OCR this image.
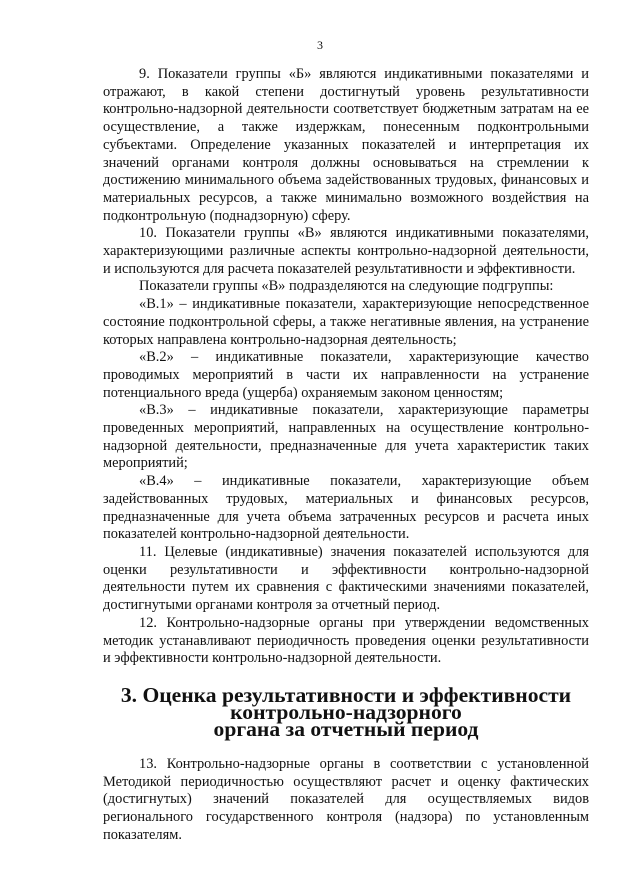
3

9. Показатели группы «Б» являются индикативными показателями и отражают, в какой степени достигнутый уровень результативности контрольно-надзорной деятельности соответствует бюджетным затратам на ее осуществление, а также издержкам, понесенным подконтрольными субъектами. Определение указанных показателей и интерпретация их значений органами контроля должны основываться на стремлении к достижению минимального объема задействованных трудовых, финансовых и материальных ресурсов, а также минимально возможного воздействия на подконтрольную (поднадзорную) сферу.

10. Показатели группы «В» являются индикативными показателями, характеризующими различные аспекты контрольно-надзорной деятельности, и используются для расчета показателей результативности и эффективности.

Показатели группы «В» подразделяются на следующие подгруппы:

«В.1» – индикативные показатели, характеризующие непосредственное состояние подконтрольной сферы, а также негативные явления, на устранение которых направлена контрольно-надзорная деятельность;

«В.2» – индикативные показатели, характеризующие качество проводимых мероприятий в части их направленности на устранение потенциального вреда (ущерба) охраняемым законом ценностям;

«В.3» – индикативные показатели, характеризующие параметры проведенных мероприятий, направленных на осуществление контрольно-надзорной деятельности, предназначенные для учета характеристик таких мероприятий;

«В.4» – индикативные показатели, характеризующие объем задействованных трудовых, материальных и финансовых ресурсов, предназначенные для учета объема затраченных ресурсов и расчета иных показателей контрольно-надзорной деятельности.

11. Целевые (индикативные) значения показателей используются для оценки результативности и эффективности контрольно-надзорной деятельности путем их сравнения с фактическими значениями показателей, достигнутыми органами контроля за отчетный период.

12. Контрольно-надзорные органы при утверждении ведомственных методик устанавливают периодичность проведения оценки результативности и эффективности контрольно-надзорной деятельности.

3. Оценка результативности и эффективности контрольно-надзорного
органа за отчетный период

13. Контрольно-надзорные органы в соответствии с установленной Методикой периодичностью осуществляют расчет и оценку фактических (достигнутых) значений показателей для осуществляемых видов регионального государственного контроля (надзора) по установленным показателям.
